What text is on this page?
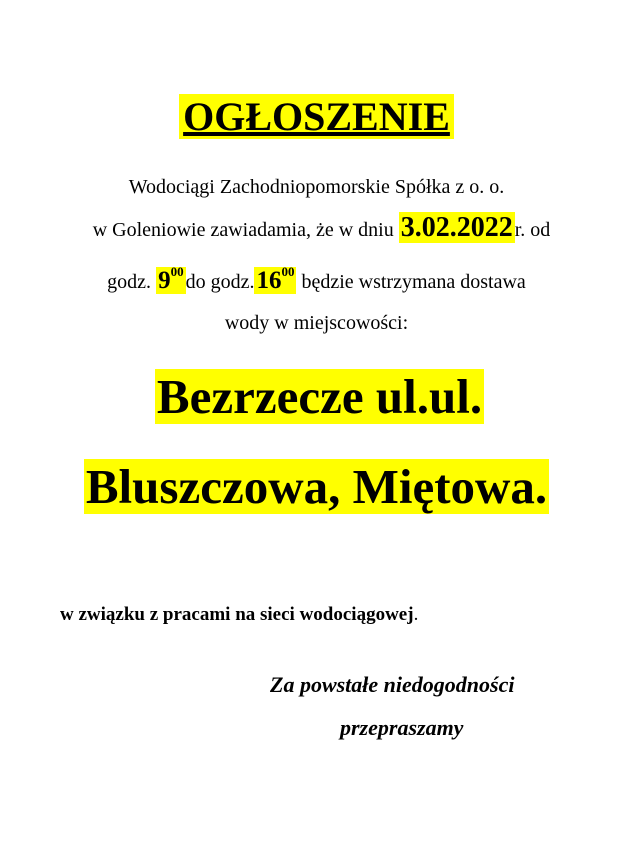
OGŁOSZENIE
Wodociągi Zachodniopomorskie Spółka z o. o.
w Goleniowie zawiadamia, że w dniu 3.02.2022 r. od
godz. $9^{00}$ do $godz.16^{00}$ będzie wstrzymana dostawa
wody w miejscowości:
Bezrzecze ul.ul.
Bluszczowa, Miętowa.
w związku z pracami na sieci wodociągowej.
Za powstałe niedogodności
przepraszamy
